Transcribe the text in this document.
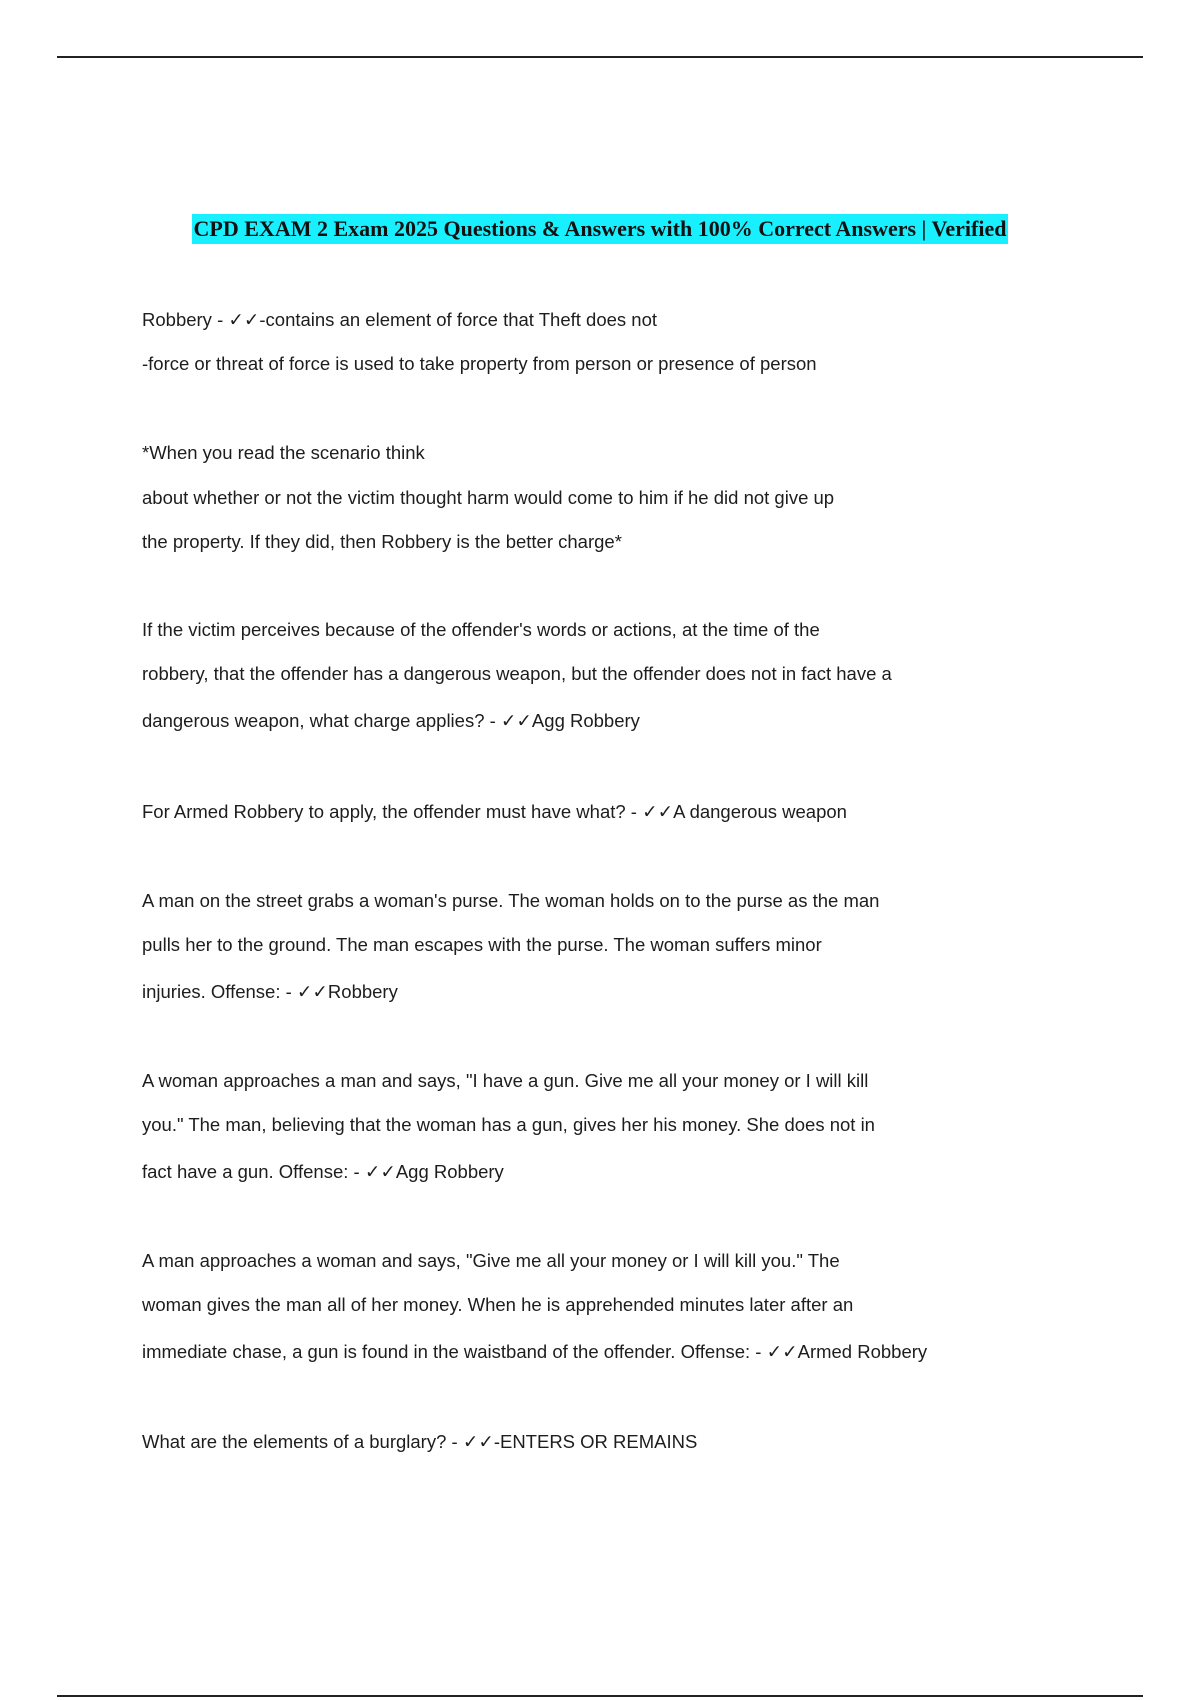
CPD EXAM 2 Exam 2025 Questions & Answers with 100% Correct Answers | Verified
Robbery - ✓✓-contains an element of force that Theft does not
-force or threat of force is used to take property from person or presence of person
*When you read the scenario think
about whether or not the victim thought harm would come to him if he did not give up
the property. If they did, then Robbery is the better charge*
If the victim perceives because of the offender's words or actions, at the time of the
robbery, that the offender has a dangerous weapon, but the offender does not in fact have a
dangerous weapon, what charge applies? - ✓✓Agg Robbery
For Armed Robbery to apply, the offender must have what? - ✓✓A dangerous weapon
A man on the street grabs a woman's purse. The woman holds on to the purse as the man
pulls her to the ground. The man escapes with the purse. The woman suffers minor
injuries. Offense: - ✓✓Robbery
A woman approaches a man and says, "I have a gun. Give me all your money or I will kill
you." The man, believing that the woman has a gun, gives her his money. She does not in
fact have a gun. Offense: - ✓✓Agg Robbery
A man approaches a woman and says, "Give me all your money or I will kill you." The
woman gives the man all of her money. When he is apprehended minutes later after an
immediate chase, a gun is found in the waistband of the offender. Offense: - ✓✓Armed Robbery
What are the elements of a burglary? - ✓✓-ENTERS OR REMAINS
